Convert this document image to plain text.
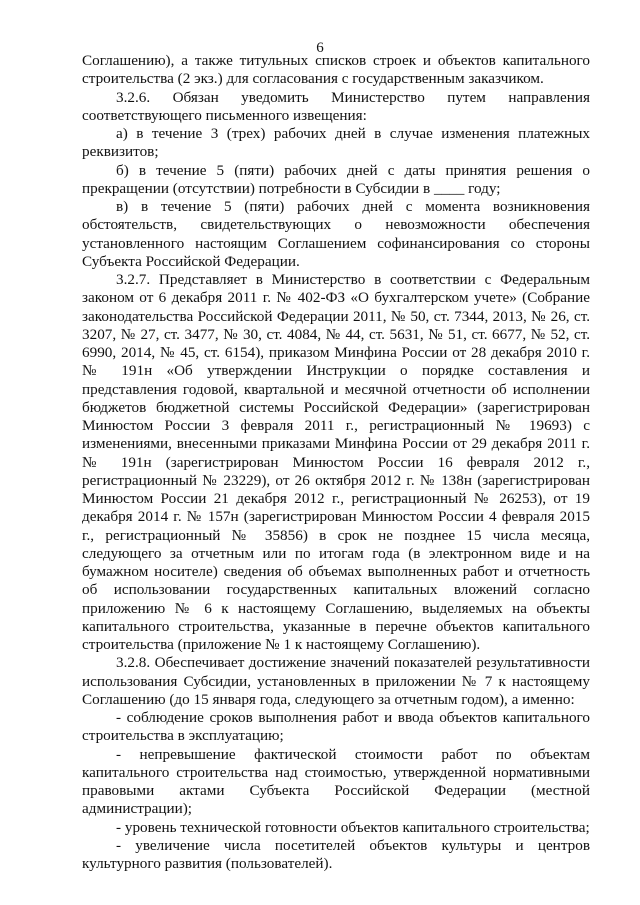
6

Соглашению), а также титульных списков строек и объектов капитального строительства (2 экз.) для согласования с государственным заказчиком.

3.2.6. Обязан уведомить Министерство путем направления соответствующего письменного извещения:

а) в течение 3 (трех) рабочих дней в случае изменения платежных реквизитов;

б) в течение 5 (пяти) рабочих дней с даты принятия решения о прекращении (отсутствии) потребности в Субсидии в ____ году;

в) в течение 5 (пяти) рабочих дней с момента возникновения обстоятельств, свидетельствующих о невозможности обеспечения установленного настоящим Соглашением софинансирования со стороны Субъекта Российской Федерации.

3.2.7. Представляет в Министерство в соответствии с Федеральным законом от 6 декабря 2011 г. № 402-ФЗ «О бухгалтерском учете» (Собрание законодательства Российской Федерации 2011, № 50, ст. 7344, 2013, № 26, ст. 3207, № 27, ст. 3477, № 30, ст. 4084, № 44, ст. 5631, № 51, ст. 6677, № 52, ст. 6990, 2014, № 45, ст. 6154), приказом Минфина России от 28 декабря 2010 г. № 191н «Об утверждении Инструкции о порядке составления и представления годовой, квартальной и месячной отчетности об исполнении бюджетов бюджетной системы Российской Федерации» (зарегистрирован Минюстом России 3 февраля 2011 г., регистрационный № 19693) с изменениями, внесенными приказами Минфина России от 29 декабря 2011 г. № 191н (зарегистрирован Минюстом России 16 февраля 2012 г., регистрационный № 23229), от 26 октября 2012 г. № 138н (зарегистрирован Минюстом России 21 декабря 2012 г., регистрационный № 26253), от 19 декабря 2014 г. № 157н (зарегистрирован Минюстом России 4 февраля 2015 г., регистрационный № 35856) в срок не позднее 15 числа месяца, следующего за отчетным или по итогам года (в электронном виде и на бумажном носителе) сведения об объемах выполненных работ и отчетность об использовании государственных капитальных вложений согласно приложению № 6 к настоящему Соглашению, выделяемых на объекты капитального строительства, указанные в перечне объектов капитального строительства (приложение № 1 к настоящему Соглашению).

3.2.8. Обеспечивает достижение значений показателей результативности использования Субсидии, установленных в приложении № 7 к настоящему Соглашению (до 15 января года, следующего за отчетным годом), а именно:

- соблюдение сроков выполнения работ и ввода объектов капитального строительства в эксплуатацию;

- непревышение фактической стоимости работ по объектам капитального строительства над стоимостью, утвержденной нормативными правовыми актами Субъекта Российской Федерации (местной администрации);

- уровень технической готовности объектов капитального строительства;

- увеличение числа посетителей объектов культуры и центров культурного развития (пользователей).
